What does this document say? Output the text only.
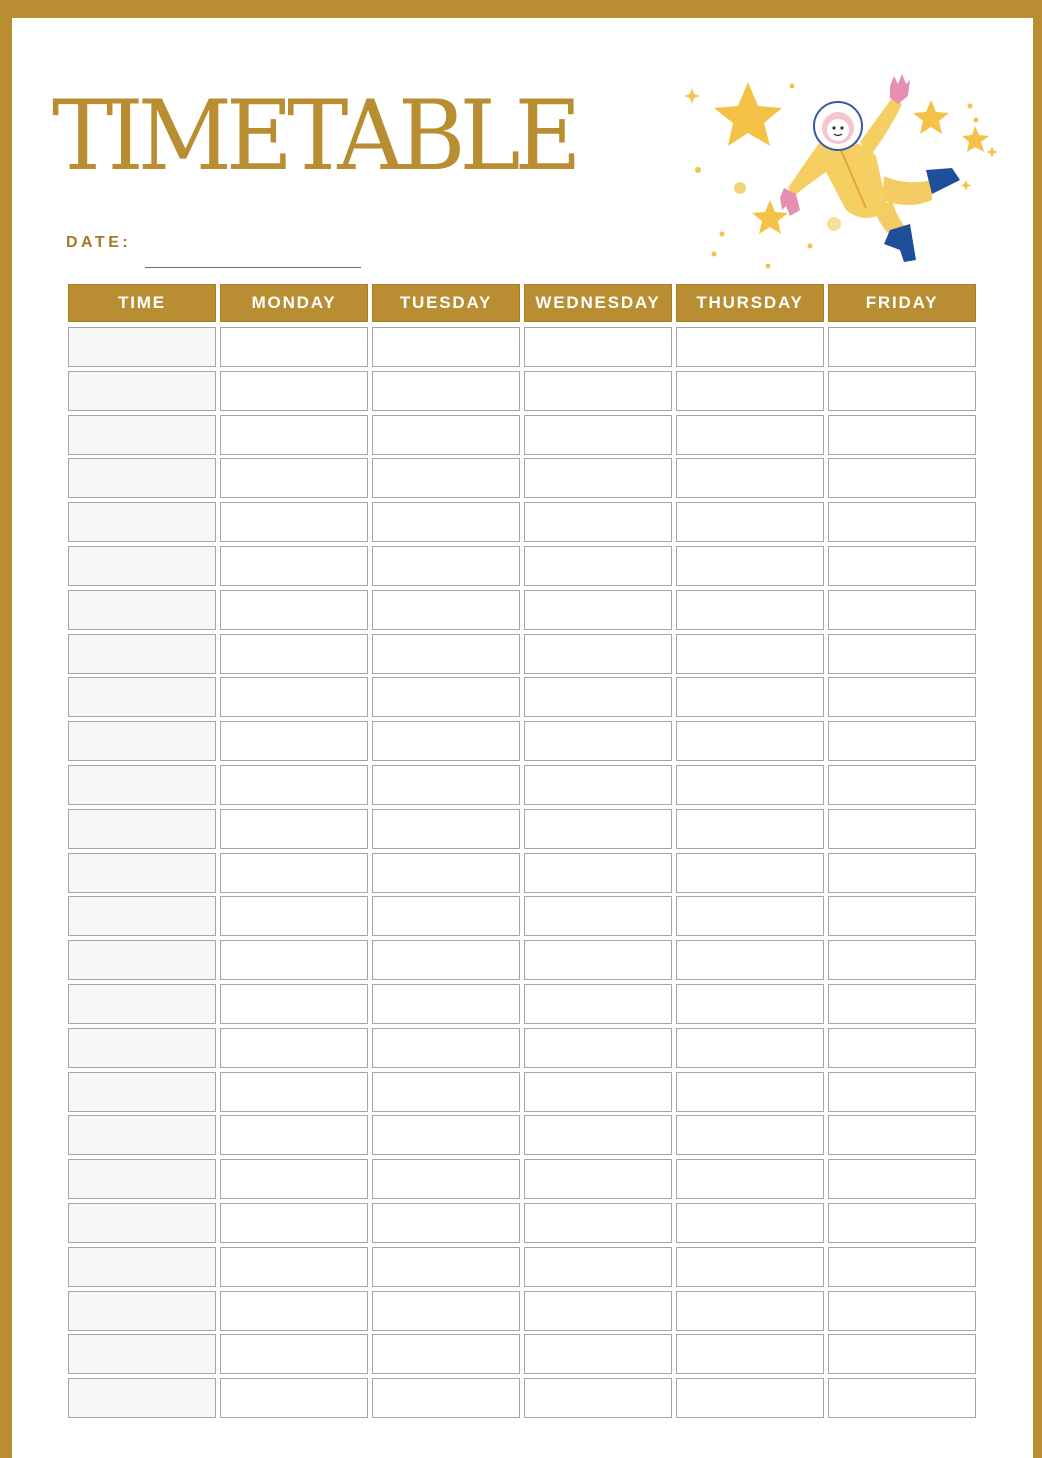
TIMETABLE
DATE:
TIME	MONDAY	TUESDAY	WEDNESDAY	THURSDAY	FRIDAY
